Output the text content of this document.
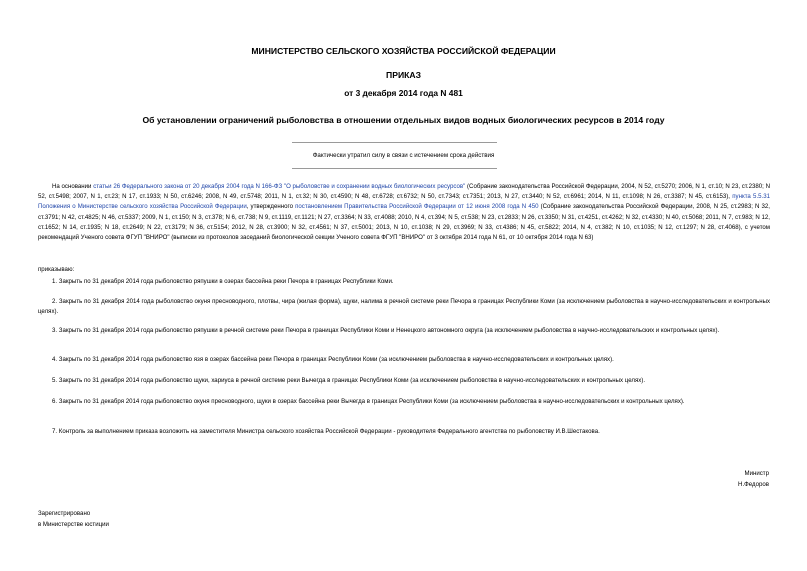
МИНИСТЕРСТВО СЕЛЬСКОГО ХОЗЯЙСТВА РОССИЙСКОЙ ФЕДЕРАЦИИ
ПРИКАЗ
от 3 декабря 2014 года N 481
Об установлении ограничений рыболовства в отношении отдельных видов водных биологических ресурсов в 2014 году
Фактически утратил силу в связи с истечением срока действия
На основании статьи 26 Федерального закона от 20 декабря 2004 года N 166-ФЗ "О рыболовстве и сохранении водных биологических ресурсов" (Собрание законодательства Российской Федерации, 2004, N 52, ст.5270; 2006, N 1, ст.10; N 23, ст.2380; N 52, ст.5498; 2007, N 1, ст.23; N 17, ст.1933; N 50, ст.6246; 2008, N 49, ст.5748; 2011, N 1, ст.32; N 30, ст.4590; N 48, ст.6728; ст.6732; N 50, ст.7343; ст.7351; 2013, N 27, ст.3440; N 52, ст.6961; 2014, N 11, ст.1098; N 26, ст.3387; N 45, ст.6153), пункта 5.5.31 Положения о Министерстве сельского хозяйства Российской Федерации, утвержденного постановлением Правительства Российской Федерации от 12 июня 2008 года N 450 (Собрание законодательства Российской Федерации, 2008, N 25, ст.2983; N 32, ст.3791; N 42, ст.4825; N 46, ст.5337; 2009, N 1, ст.150; N 3, ст.378; N 6, ст.738; N 9, ст.1119, ст.1121; N 27, ст.3364; N 33, ст.4088; 2010, N 4, ст.394; N 5, ст.538; N 23, ст.2833; N 26, ст.3350; N 31, ст.4251, ст.4262; N 32, ст.4330; N 40, ст.5068; 2011, N 7, ст.983; N 12, ст.1652; N 14, ст.1935; N 18, ст.2649; N 22, ст.3179; N 36, ст.5154; 2012, N 28, ст.3900; N 32, ст.4561; N 37, ст.5001; 2013, N 10, ст.1038; N 29, ст.3969; N 33, ст.4386; N 45, ст.5822; 2014, N 4, ст.382; N 10, ст.1035; N 12, ст.1297; N 28, ст.4068), с учетом рекомендаций Ученого совета ФГУП "ВНИРО" (выписки из протоколов заседаний биологической секции Ученого совета ФГУП "ВНИРО" от 3 октября 2014 года N 61, от 10 октября 2014 года N 63)
приказываю:
1. Закрыть по 31 декабря 2014 года рыболовство ряпушки в озерах бассейна реки Печора в границах Республики Коми.
2. Закрыть по 31 декабря 2014 года рыболовство окуня пресноводного, плотвы, чира (жилая форма), щуки, налима в речной системе реки Печора в границах Республики Коми (за исключением рыболовства в научно-исследовательских и контрольных целях).
3. Закрыть по 31 декабря 2014 года рыболовство ряпушки в речной системе реки Печора в границах Республики Коми и Ненецкого автономного округа (за исключением рыболовства в научно-исследовательских и контрольных целях).
4. Закрыть по 31 декабря 2014 года рыболовство язя в озерах бассейна реки Печора в границах Республики Коми (за исключением рыболовства в научно-исследовательских и контрольных целях).
5. Закрыть по 31 декабря 2014 года рыболовство щуки, хариуса в речной системе реки Вычегда в границах Республики Коми (за исключением рыболовства в научно-исследовательских и контрольных целях).
6. Закрыть по 31 декабря 2014 года рыболовство окуня пресноводного, щуки в озерах бассейна реки Вычегда в границах Республики Коми (за исключением рыболовства в научно-исследовательских и контрольных целях).
7. Контроль за выполнением приказа возложить на заместителя Министра сельского хозяйства Российской Федерации - руководителя Федерального агентства по рыболовству И.В.Шестакова.
Министр
Н.Федоров
Зарегистрировано
в Министерстве юстиции
